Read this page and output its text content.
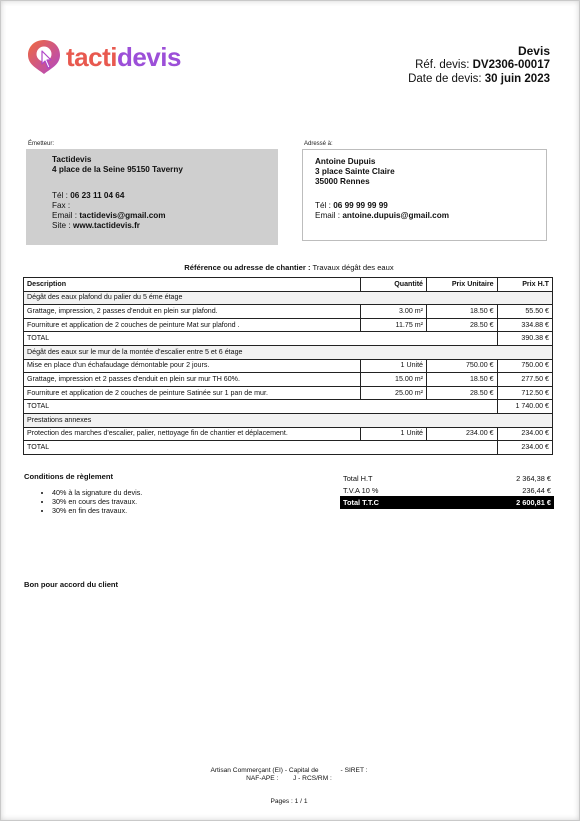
tactidevis	Devis
Réf. devis: DV2306-00017
Date de devis: 30 juin 2023
Émetteur:
Tactidevis
4 place de la Seine 95150 Taverny
Tél : 06 23 11 04 64
Fax :
Email : tactidevis@gmail.com
Site : www.tactidevis.fr
Adressé à:
Antoine Dupuis
3 place Sainte Claire
35000 Rennes
Tél : 06 99 99 99 99
Email : antoine.dupuis@gmail.com
Référence ou adresse de chantier : Travaux dégât des eaux
Description	Quantité	Prix Unitaire	Prix H.T
Dégât des eaux plafond du palier du 5 éme étage			
Grattage, impression, 2 passes d'enduit en plein sur plafond.	3.00 m²	18.50 €	55.50 €
Fourniture et application de 2 couches de peinture Mat sur plafond .	11.75 m²	28.50 €	334.88 €
TOTAL			390.38 €
Dégât des eaux sur le mur de la montée d'escalier entre 5 et 6 étage			
Mise en place d'un échafaudage démontable pour 2 jours.	1 Unité	750.00 €	750.00 €
Grattage, impression et 2 passes d'enduit en plein sur mur TH 60%.	15.00 m²	18.50 €	277.50 €
Fourniture et application de 2 couches de peinture Satinée sur 1 pan de mur.	25.00 m²	28.50 €	712.50 €
TOTAL			1 740.00 €
Prestations annexes			
Protection des marches d'escalier, palier, nettoyage fin de chantier et déplacement.	1 Unité	234.00 €	234.00 €
TOTAL			234.00 €
Conditions de règlement
• 40% à la signature du devis.
• 30% en cours des travaux.
• 30% en fin des travaux.
Total H.T	2 364,38 €
T.V.A 10 %	236,44 €
Total T.T.C	2 600,81 €
Bon pour accord du client
Artisan Commerçant (EI) - Capital de            - SIRET :
NAF-APE :        J - RCS/RM :
Pages : 1 / 1
